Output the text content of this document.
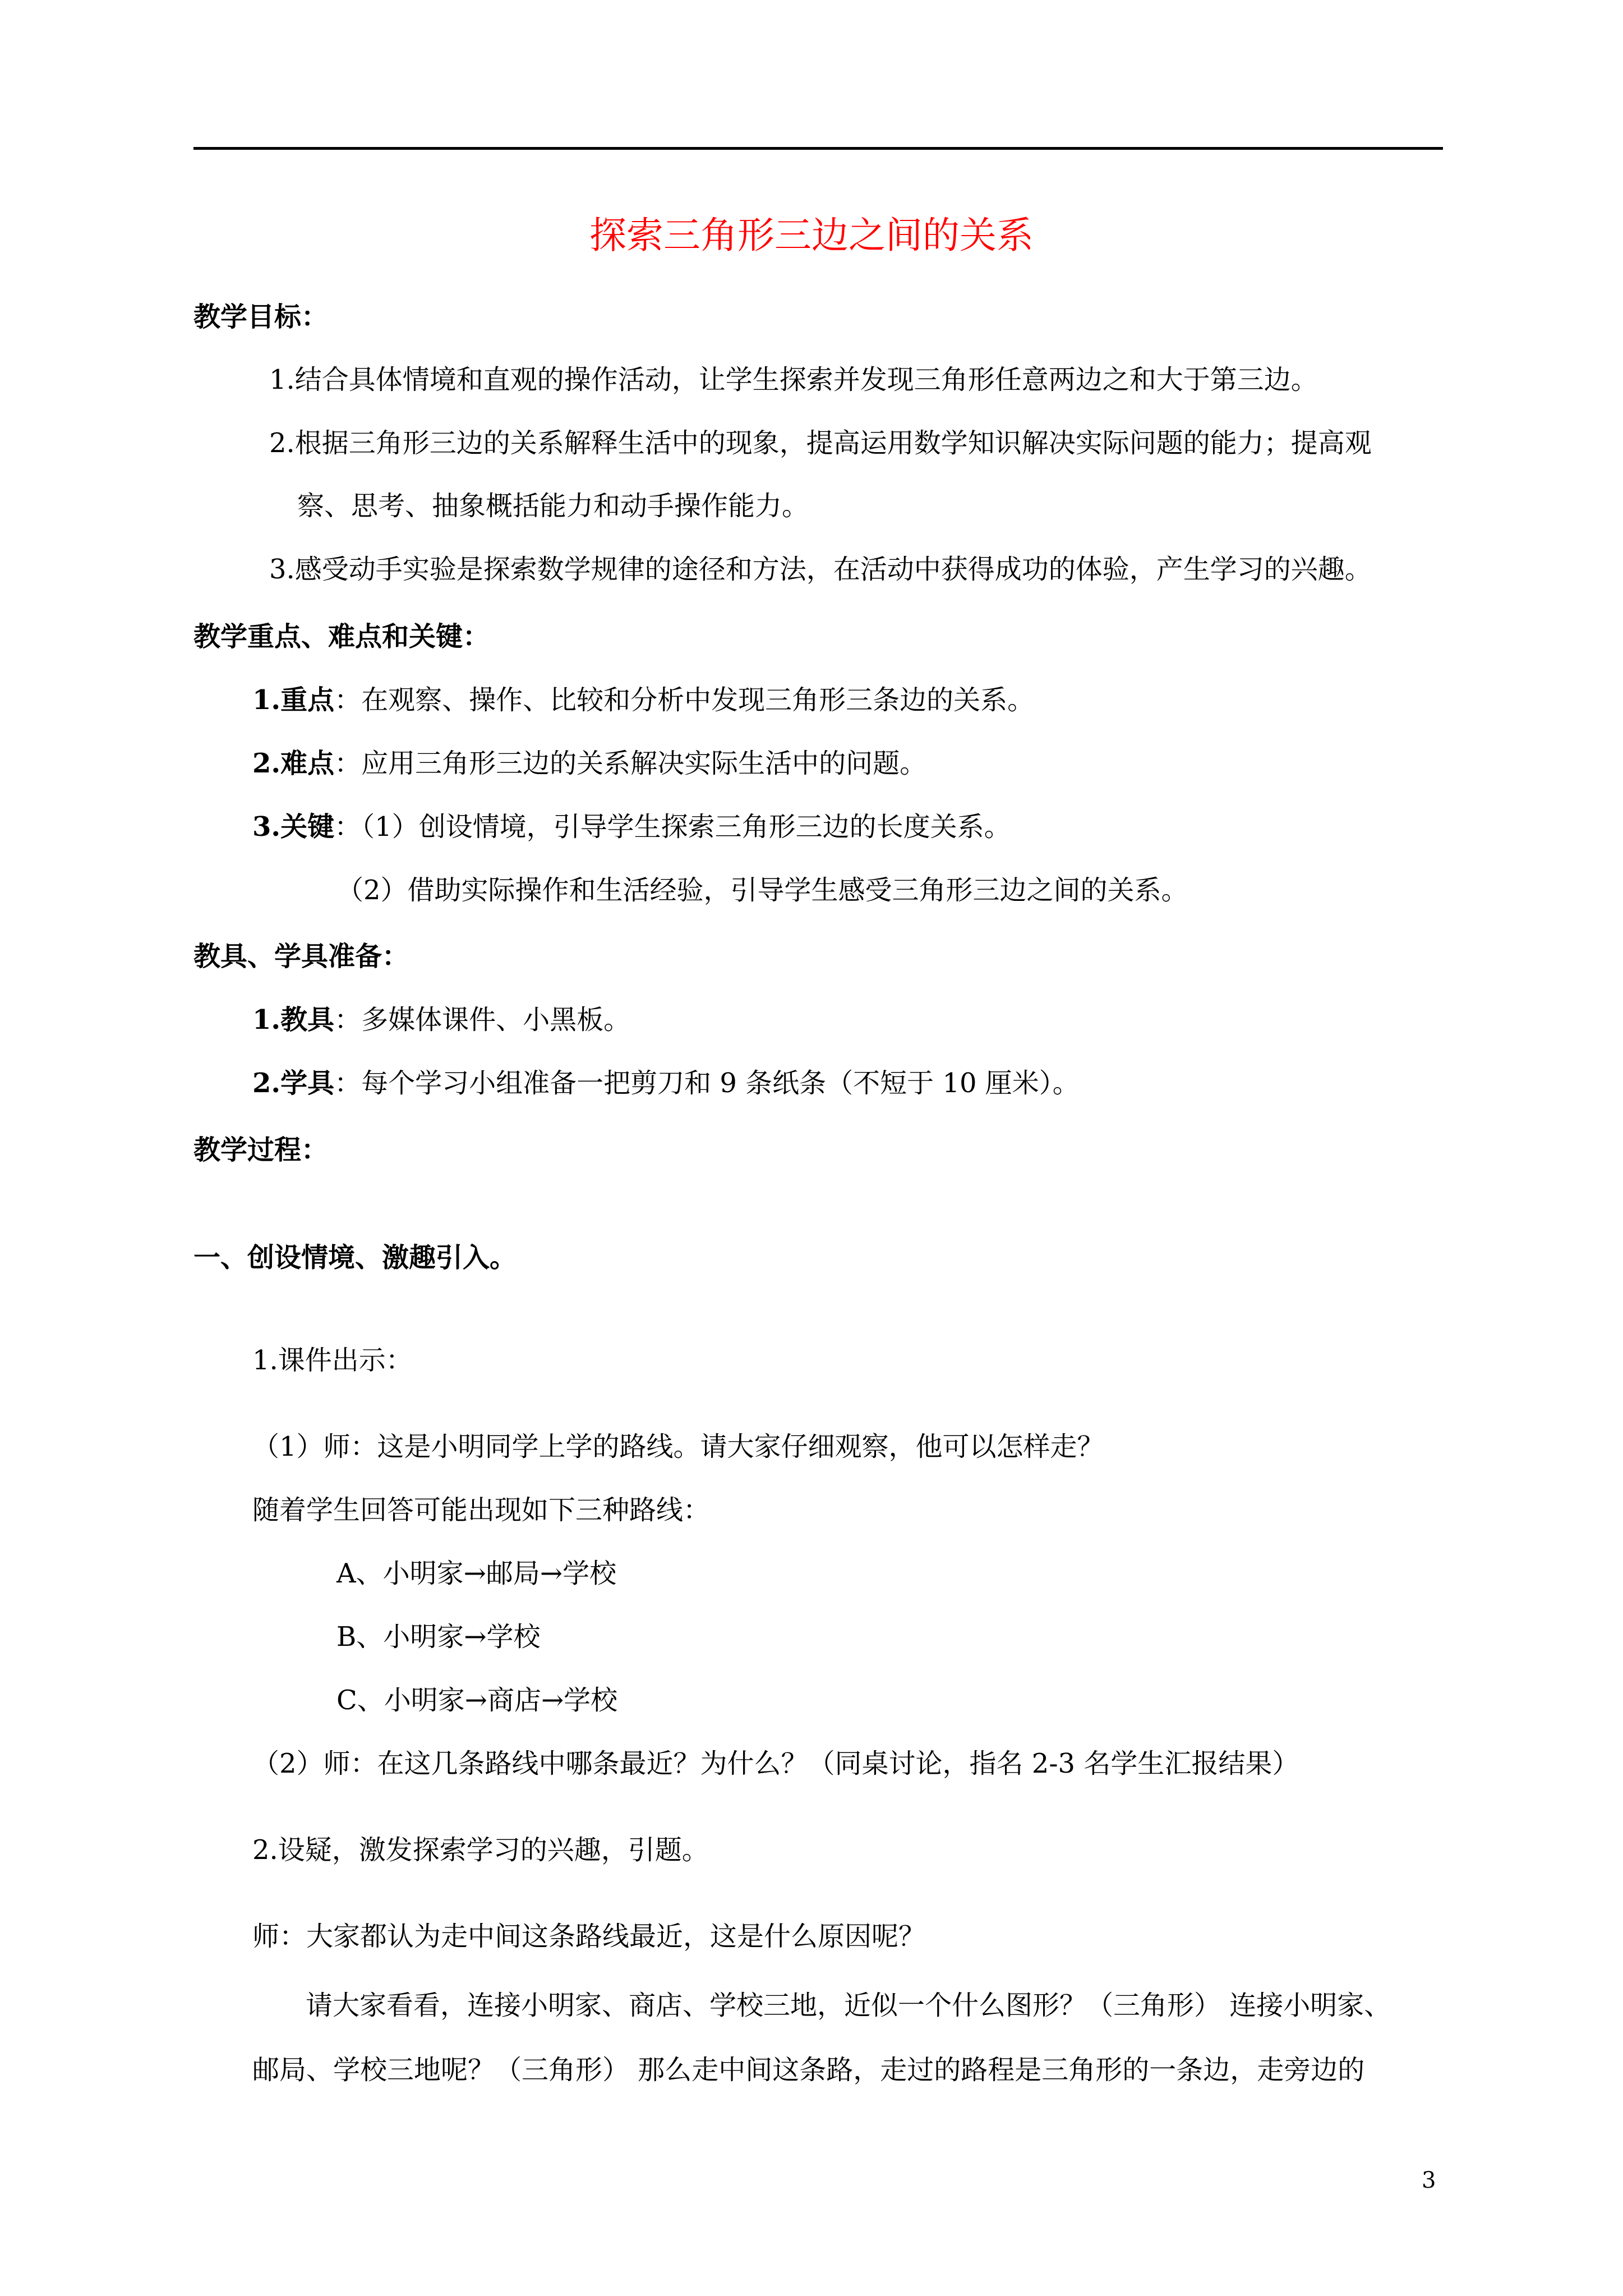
探索三角形三边之间的关系
教学目标：
1.结合具体情境和直观的操作活动，让学生探索并发现三角形任意两边之和大于第三边。
2.根据三角形三边的关系解释生活中的现象，提高运用数学知识解决实际问题的能力；提高观
察、思考、抽象概括能力和动手操作能力。
3.感受动手实验是探索数学规律的途径和方法，在活动中获得成功的体验，产生学习的兴趣。
教学重点、难点和关键：
1.重点：在观察、操作、比较和分析中发现三角形三条边的关系。
2.难点：应用三角形三边的关系解决实际生活中的问题。
3.关键：（1）创设情境，引导学生探索三角形三边的长度关系。
（2）借助实际操作和生活经验，引导学生感受三角形三边之间的关系。
教具、学具准备：
1.教具：多媒体课件、小黑板。
2.学具：每个学习小组准备一把剪刀和 9 条纸条（不短于 10 厘米）。
教学过程：
一、创设情境、激趣引入。
1.课件出示：
（1）师：这是小明同学上学的路线。请大家仔细观察，他可以怎样走？
随着学生回答可能出现如下三种路线：
A、小明家→邮局→学校
B、小明家→学校
C、小明家→商店→学校
（2）师：在这几条路线中哪条最近？为什么？（同桌讨论，指名 2-3 名学生汇报结果）
2.设疑，激发探索学习的兴趣，引题。
师：大家都认为走中间这条路线最近，这是什么原因呢？
请大家看看，连接小明家、商店、学校三地，近似一个什么图形？（三角形） 连接小明家、
邮局、学校三地呢？（三角形） 那么走中间这条路，走过的路程是三角形的一条边，走旁边的
3
